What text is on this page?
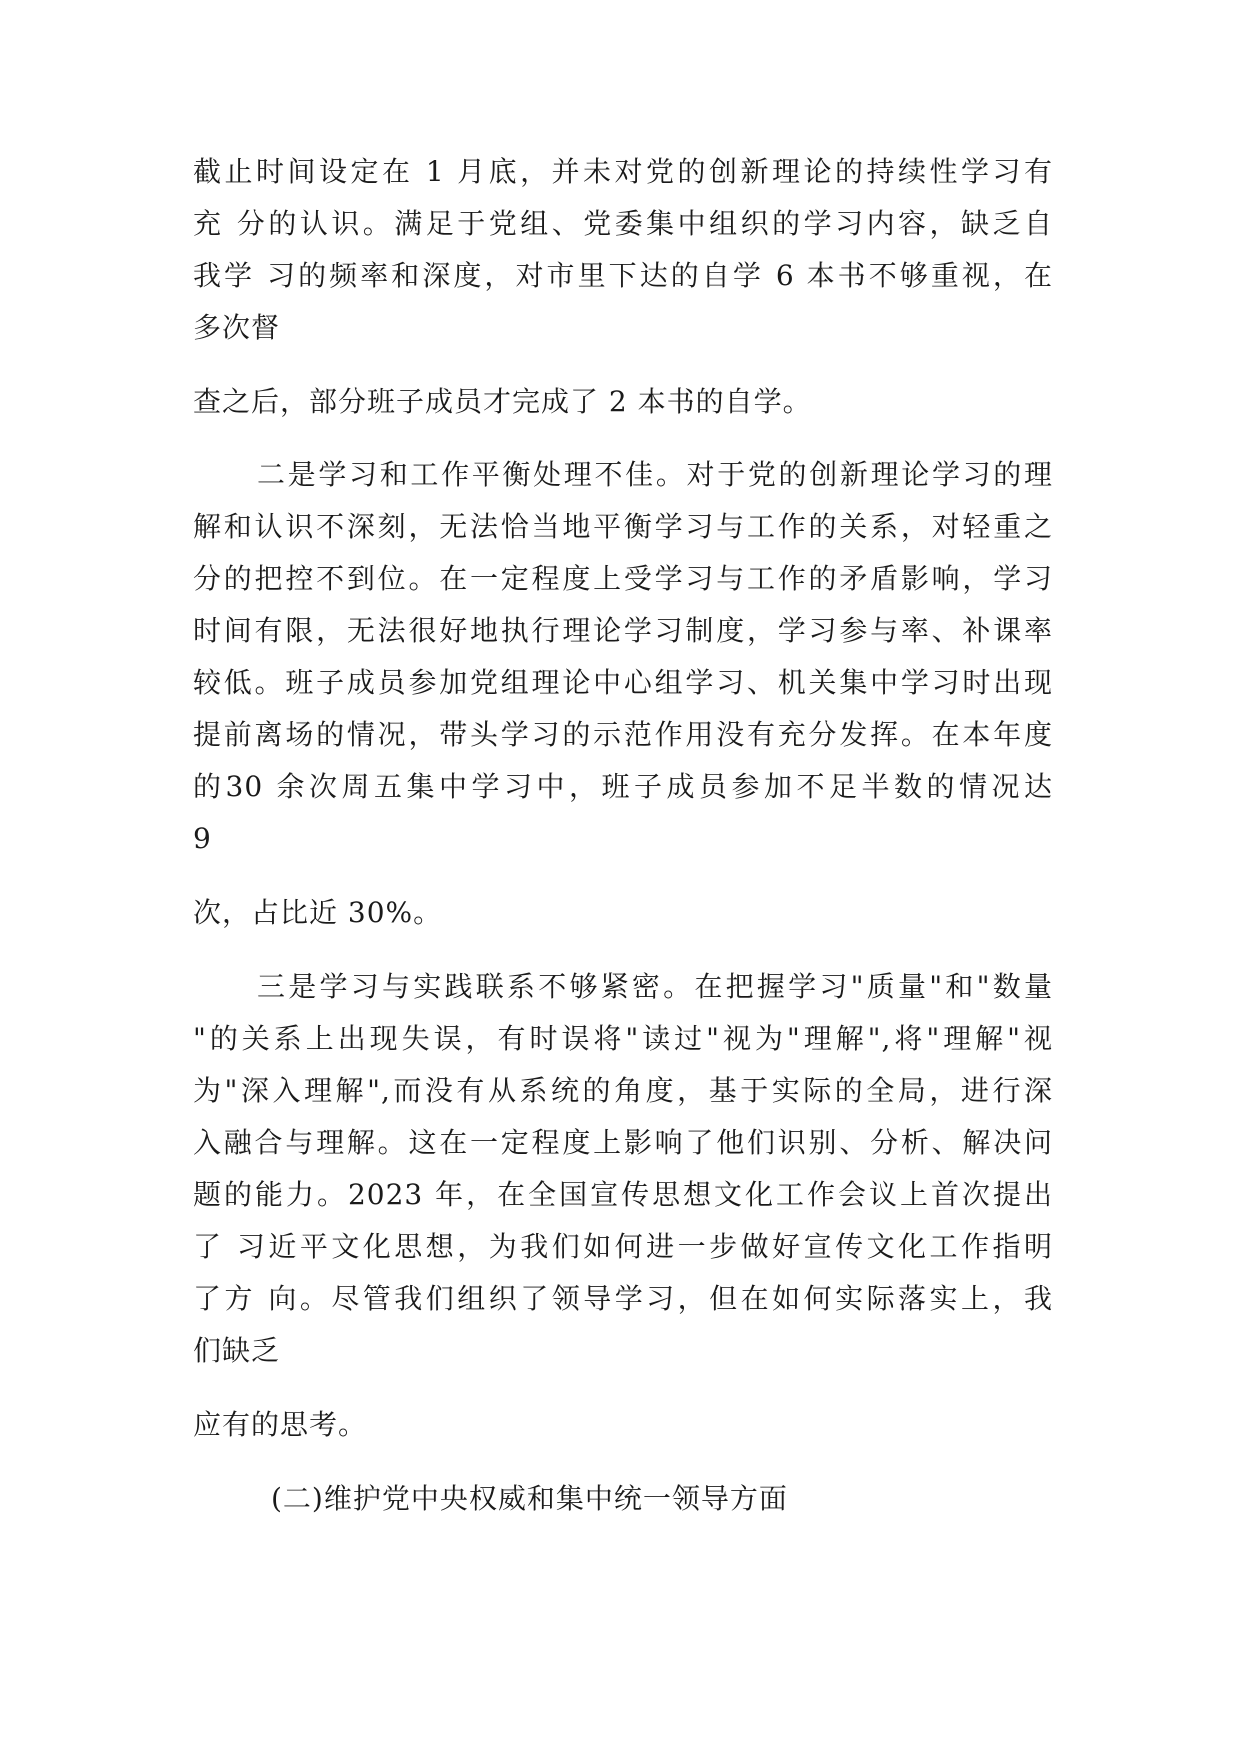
截止时间设定在 1 月底，并未对党的创新理论的持续性学习有
充 分的认识。满足于党组、党委集中组织的学习内容，缺乏自
我学 习的频率和深度，对市里下达的自学 6 本书不够重视，在
多次督
查之后，部分班子成员才完成了 2 本书的自学。
二是学习和工作平衡处理不佳。对于党的创新理论学习的理
解和认识不深刻，无法恰当地平衡学习与工作的关系，对轻重之
分的把控不到位。在一定程度上受学习与工作的矛盾影响，学习
时间有限，无法很好地执行理论学习制度，学习参与率、补课率
较低。班子成员参加党组理论中心组学习、机关集中学习时出现
提前离场的情况，带头学习的示范作用没有充分发挥。在本年度
的30 余次周五集中学习中，班子成员参加不足半数的情况达
9
次，占比近 30%。
三是学习与实践联系不够紧密。在把握学习"质量"和"数量
"的关系上出现失误，有时误将"读过"视为"理解",将"理解"视
为"深入理解",而没有从系统的角度，基于实际的全局，进行深
入融合与理解。这在一定程度上影响了他们识别、分析、解决问
题的能力。2023 年，在全国宣传思想文化工作会议上首次提出
了 习近平文化思想，为我们如何进一步做好宣传文化工作指明
了方 向。尽管我们组织了领导学习，但在如何实际落实上，我
们缺乏
应有的思考。
(二)维护党中央权威和集中统一领导方面
